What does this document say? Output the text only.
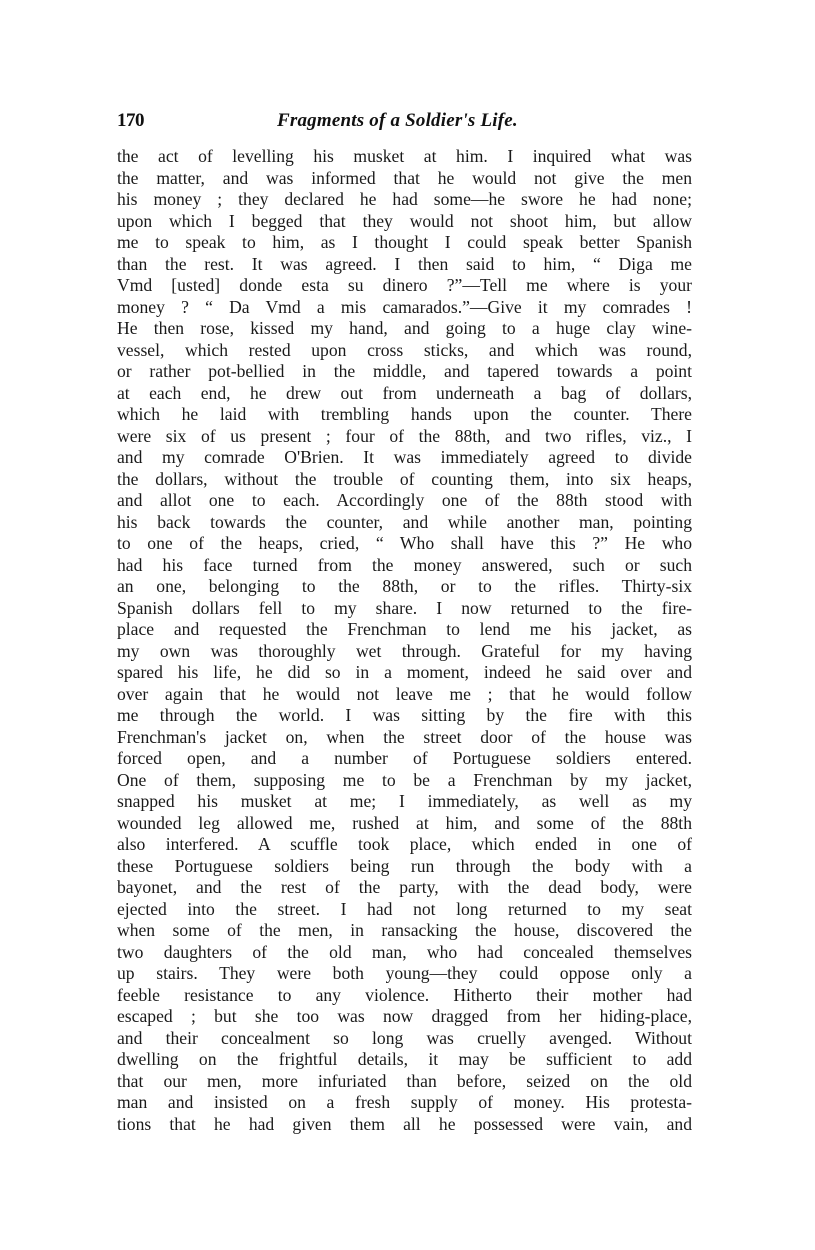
170	Fragments of a Soldier's Life.
the act of levelling his musket at him. I inquired what was
the matter, and was informed that he would not give the men
his money ; they declared he had some—he swore he had none;
upon which I begged that they would not shoot him, but allow
me to speak to him, as I thought I could speak better Spanish
than the rest. It was agreed. I then said to him, “ Diga me
Vmd [usted] donde esta su dinero ?”—Tell me where is your
money ? “ Da Vmd a mis camarados.”—Give it my comrades !
He then rose, kissed my hand, and going to a huge clay wine-
vessel, which rested upon cross sticks, and which was round,
or rather pot-bellied in the middle, and tapered towards a point
at each end, he drew out from underneath a bag of dollars,
which he laid with trembling hands upon the counter. There
were six of us present ; four of the 88th, and two rifles, viz., I
and my comrade O'Brien. It was immediately agreed to divide
the dollars, without the trouble of counting them, into six heaps,
and allot one to each. Accordingly one of the 88th stood with
his back towards the counter, and while another man, pointing
to one of the heaps, cried, “ Who shall have this ?” He who
had his face turned from the money answered, such or such
an one, belonging to the 88th, or to the rifles. Thirty-six
Spanish dollars fell to my share. I now returned to the fire-
place and requested the Frenchman to lend me his jacket, as
my own was thoroughly wet through. Grateful for my having
spared his life, he did so in a moment, indeed he said over and
over again that he would not leave me ; that he would follow
me through the world. I was sitting by the fire with this
Frenchman's jacket on, when the street door of the house was
forced open, and a number of Portuguese soldiers entered.
One of them, supposing me to be a Frenchman by my jacket,
snapped his musket at me; I immediately, as well as my
wounded leg allowed me, rushed at him, and some of the 88th
also interfered. A scuffle took place, which ended in one of
these Portuguese soldiers being run through the body with a
bayonet, and the rest of the party, with the dead body, were
ejected into the street. I had not long returned to my seat
when some of the men, in ransacking the house, discovered the
two daughters of the old man, who had concealed themselves
up stairs. They were both young—they could oppose only a
feeble resistance to any violence. Hitherto their mother had
escaped ; but she too was now dragged from her hiding-place,
and their concealment so long was cruelly avenged. Without
dwelling on the frightful details, it may be sufficient to add
that our men, more infuriated than before, seized on the old
man and insisted on a fresh supply of money. His protesta-
tions that he had given them all he possessed were vain, and
